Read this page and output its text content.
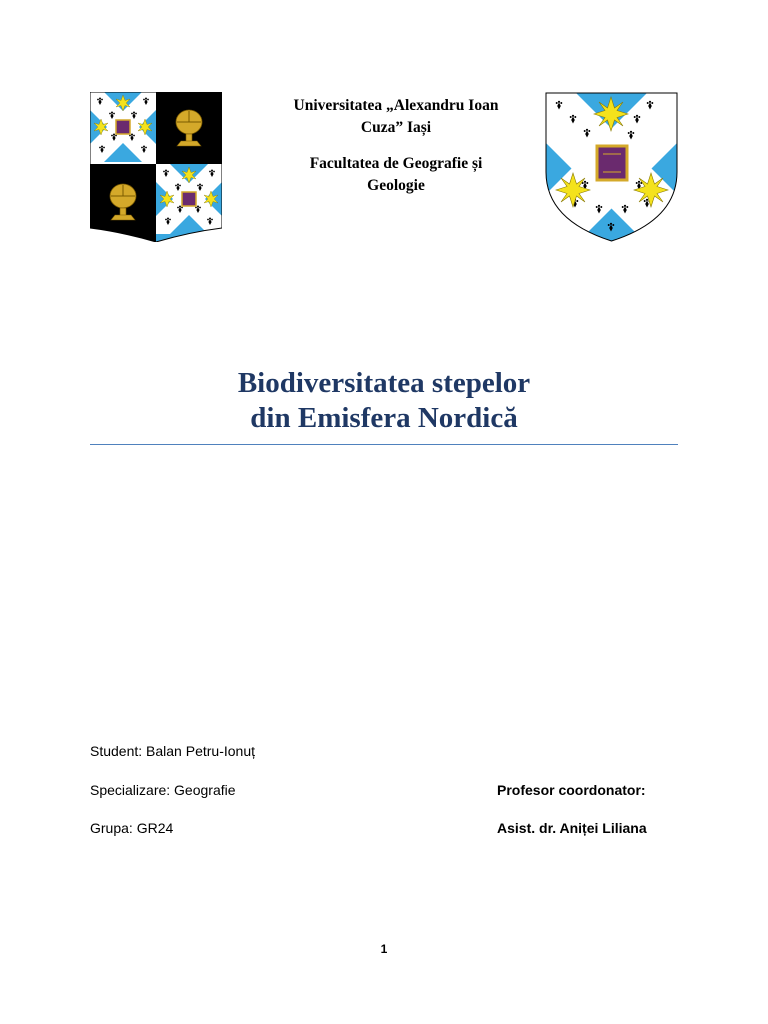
Universitatea „Alexandru Ioan
Cuza” Iași

Facultatea de Geografie și
Geologie

Biodiversitatea stepelor
din Emisfera Nordică
Student: Balan Petru-Ionuț
Specializare: Geografie
Grupa: GR24
Profesor coordonator:
Asist. dr. Aniței Liliana
1
